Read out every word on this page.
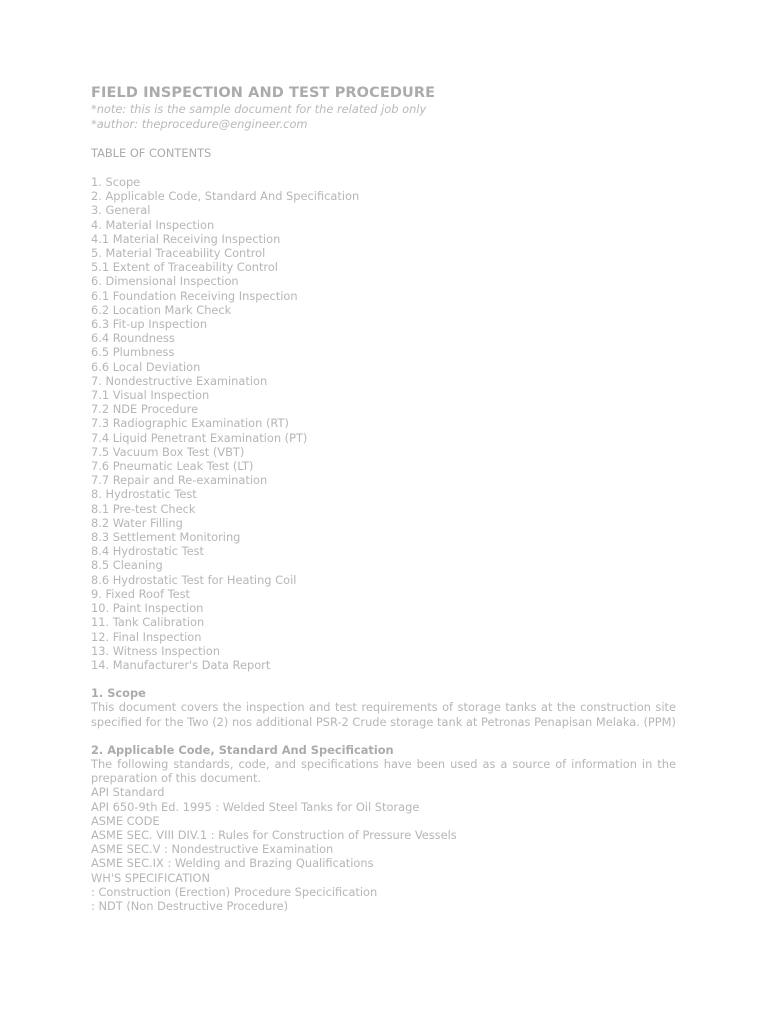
FIELD INSPECTION AND TEST PROCEDURE
*note: this is the sample document for the related job only
*author: theprocedure@engineer.com
TABLE OF CONTENTS
1. Scope
2. Applicable Code, Standard And Specification
3. General
4. Material Inspection
4.1 Material Receiving Inspection
5. Material Traceability Control
5.1 Extent of Traceability Control
6. Dimensional Inspection
6.1 Foundation Receiving Inspection
6.2 Location Mark Check
6.3 Fit-up Inspection
6.4 Roundness
6.5 Plumbness
6.6 Local Deviation
7. Nondestructive Examination
7.1 Visual Inspection
7.2 NDE Procedure
7.3 Radiographic Examination (RT)
7.4 Liquid Penetrant Examination (PT)
7.5 Vacuum Box Test (VBT)
7.6 Pneumatic Leak Test (LT)
7.7 Repair and Re-examination
8. Hydrostatic Test
8.1 Pre-test Check
8.2 Water Filling
8.3 Settlement Monitoring
8.4 Hydrostatic Test
8.5 Cleaning
8.6 Hydrostatic Test for Heating Coil
9. Fixed Roof Test
10. Paint Inspection
11. Tank Calibration
12. Final Inspection
13. Witness Inspection
14. Manufacturer's Data Report
1. Scope

This document covers the inspection and test requirements of storage tanks at the construction site specified for the Two (2) nos additional PSR-2 Crude storage tank at Petronas Penapisan Melaka. (PPM)

2. Applicable Code, Standard And Specification

The following standards, code, and specifications have been used as a source of information in the preparation of this document.

API Standard
API 650-9th Ed. 1995 : Welded Steel Tanks for Oil Storage
ASME CODE
ASME SEC. VIII DIV.1 : Rules for Construction of Pressure Vessels
ASME SEC.V : Nondestructive Examination
ASME SEC.IX : Welding and Brazing Qualifications
WH'S SPECIFICATION
: Construction (Erection) Procedure Specicification
: NDT (Non Destructive Procedure)
